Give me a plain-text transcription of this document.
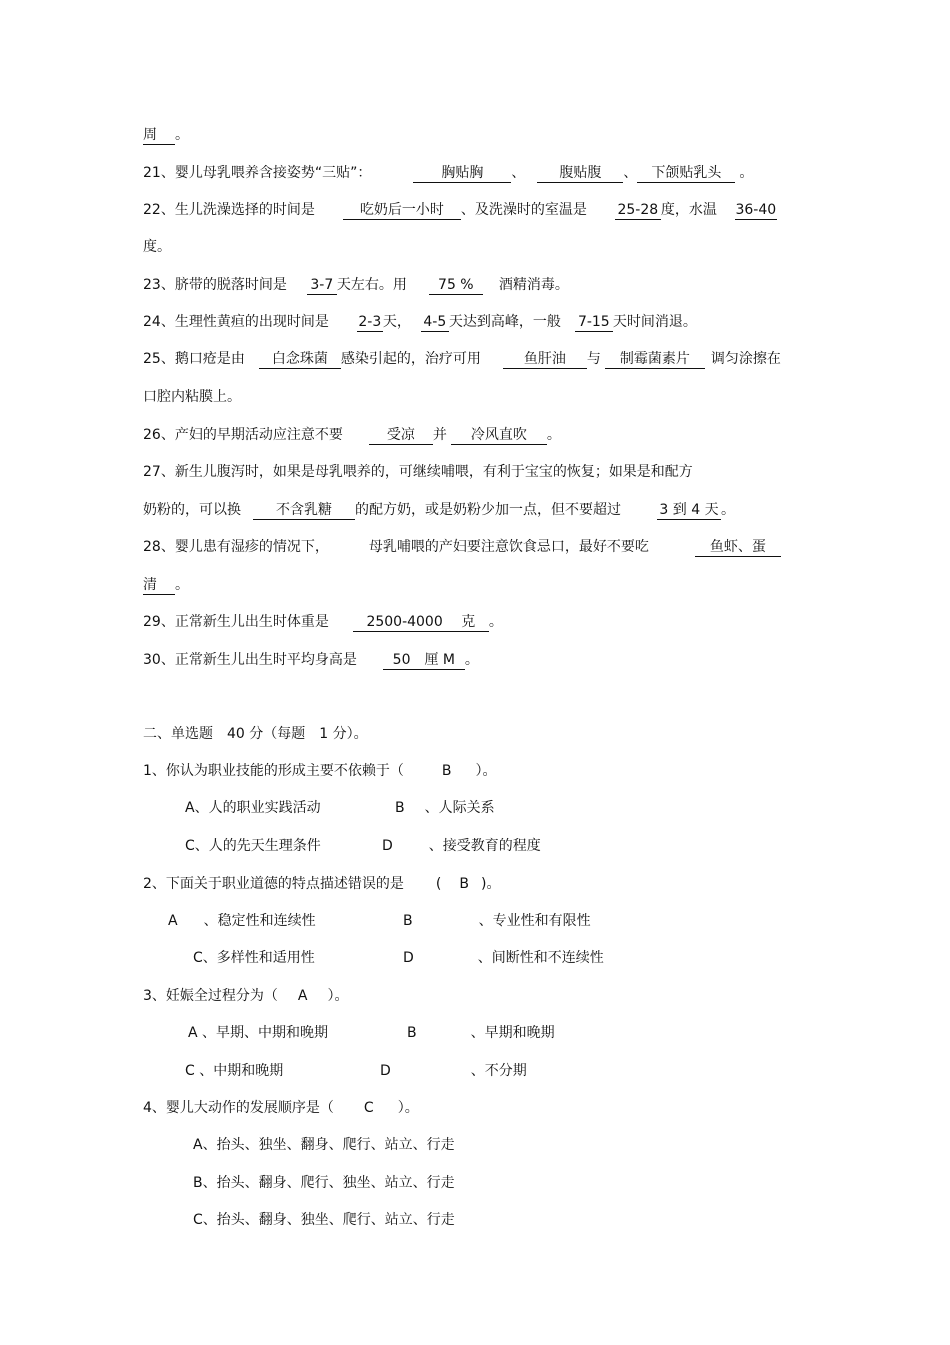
周 。
21、婴儿母乳喂养含接姿势“三贴”：	胸贴胸 、 腹贴腹 、 下颌贴乳头 。
22、生儿洗澡选择的时间是	吃奶后一小时 、及洗澡时的室温是 25-28 度，水温 36-40
度。
23、脐带的脱落时间是 3-7 天左右。用 75 % 酒精消毒。
24、生理性黄疸的出现时间是 2-3 天， 4-5 天达到高峰，一般 7-15 天时间消退。
25、鹅口疮是由 白念珠菌 感染引起的，治疗可用	鱼肝油 与 制霉菌素片 调匀涂擦在
口腔内粘膜上。
26、产妇的早期活动应注意不要	受凉 并 冷风直吹 。
27、新生儿腹泻时，如果是母乳喂养的，可继续哺喂，有利于宝宝的恢复；如果是和配方
奶粉的，可以换	不含乳糖 的配方奶，或是奶粉少加一点，但不要超过	3 到 4 天 。
28、婴儿患有湿疹的情况下，	母乳哺喂的产妇要注意饮食忌口，最好不要吃	鱼虾、蛋
清 。
29、正常新生儿出生时体重是	2500-4000　 克 。
30、正常新生儿出生时平均身高是	50　厘 M 。
二、单选题　40 分（每题　1 分）。
1、你认为职业技能的形成主要不依赖于（	B ）。
A、人的职业实践活动	B 、人际关系
C、人的先天生理条件	D	、接受教育的程度
2、下面关于职业道德的特点描述错误的是 ( B )。
A 、稳定性和连续性	B	、专业性和有限性
C、多样性和适用性	D	、间断性和不连续性
3、妊娠全过程分为（ A ）。
A 、早期、中期和晚期	B	、早期和晚期
C 、中期和晚期	D	、不分期
4、婴儿大动作的发展顺序是（ C ）。
A、抬头、独坐、翻身、爬行、站立、行走
B、抬头、翻身、爬行、独坐、站立、行走
C、抬头、翻身、独坐、爬行、站立、行走
